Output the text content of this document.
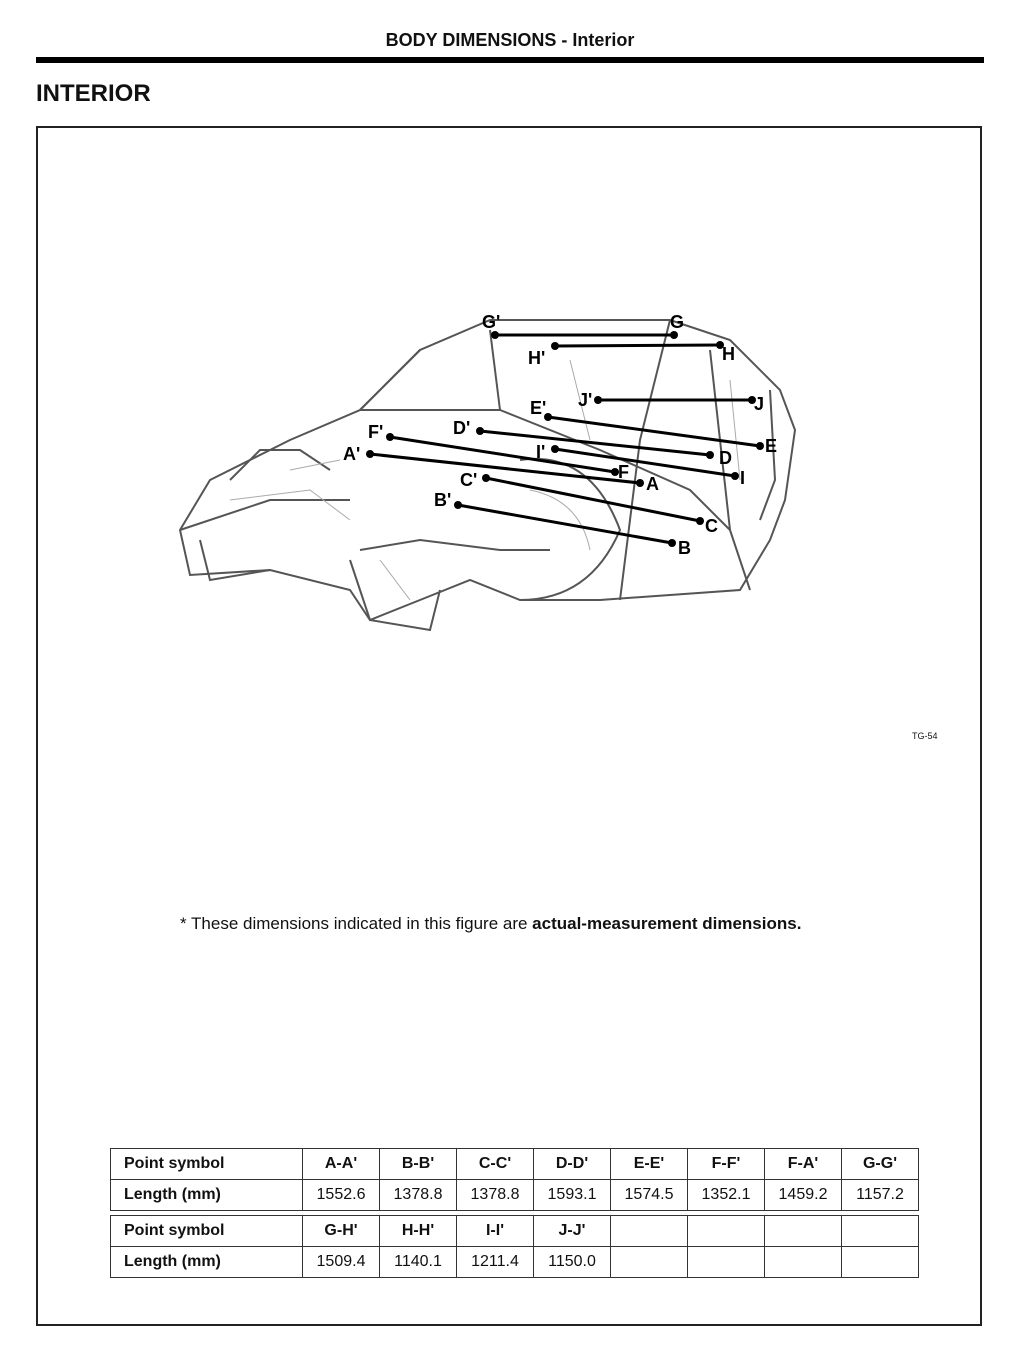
BODY DIMENSIONS - Interior
INTERIOR
A
A'
B
B'
C
C'
D
D'
E
E'
F
F'
G
G'
H
H'
I
I'
J
J'
TG-54
* These dimensions indicated in this figure are actual-measurement dimensions.
Point symbol	A-A'	B-B'	C-C'	D-D'	E-E'	F-F'	F-A'	G-G'
Length (mm)	1552.6	1378.8	1378.8	1593.1	1574.5	1352.1	1459.2	1157.2

Point symbol	G-H'	H-H'	I-I'	J-J'				
Length (mm)	1509.4	1140.1	1211.4	1150.0				
